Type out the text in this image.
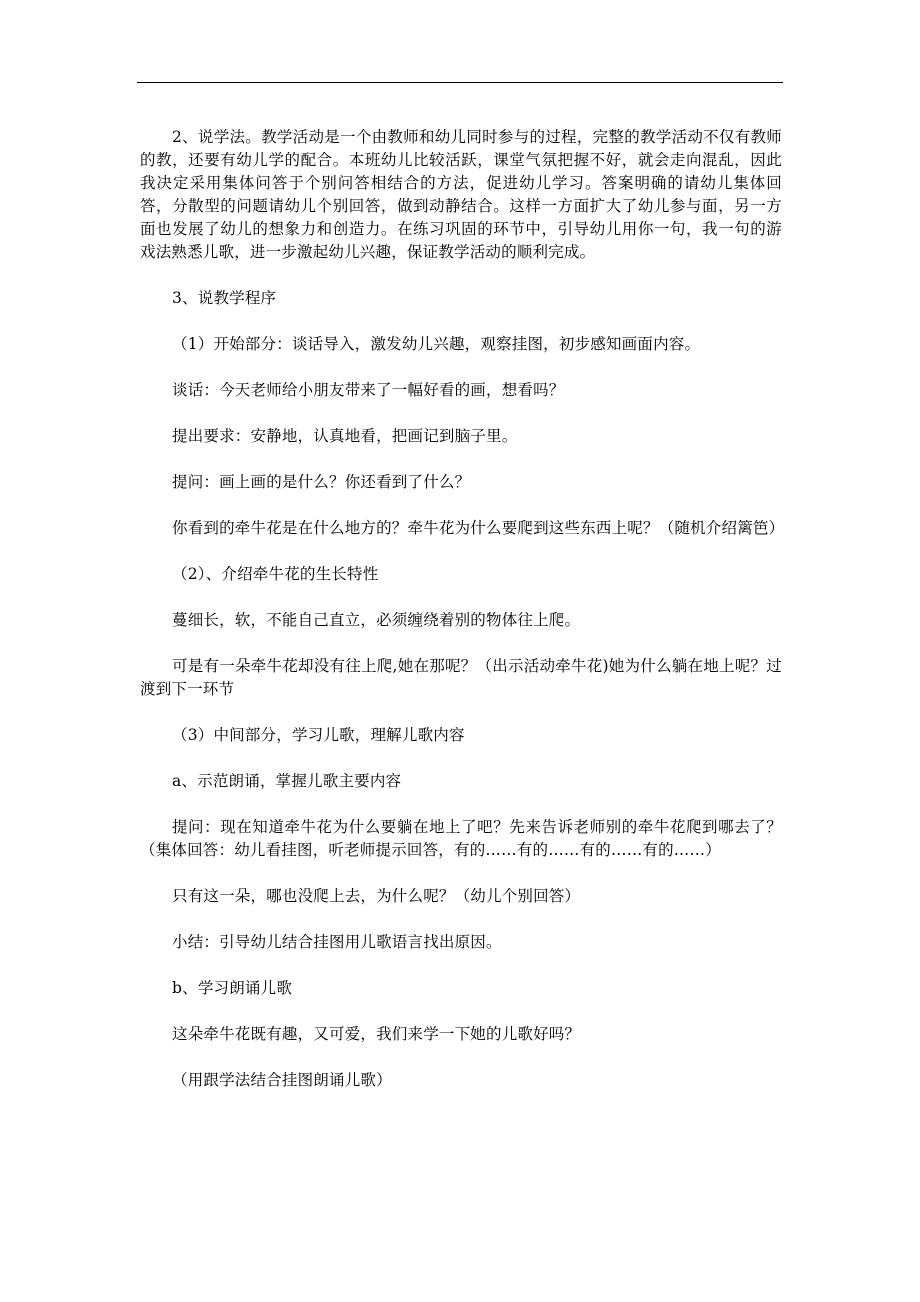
2、说学法。教学活动是一个由教师和幼儿同时参与的过程，完整的教学活动不仅有教师的教，还要有幼儿学的配合。本班幼儿比较活跃，课堂气氛把握不好，就会走向混乱，因此我决定采用集体问答于个别问答相结合的方法，促进幼儿学习。答案明确的请幼儿集体回答，分散型的问题请幼儿个别回答，做到动静结合。这样一方面扩大了幼儿参与面，另一方面也发展了幼儿的想象力和创造力。在练习巩固的环节中，引导幼儿用你一句，我一句的游戏法熟悉儿歌，进一步激起幼儿兴趣，保证教学活动的顺利完成。

3、说教学程序

（1）开始部分：谈话导入，激发幼儿兴趣，观察挂图，初步感知画面内容。

谈话：今天老师给小朋友带来了一幅好看的画，想看吗？

提出要求：安静地，认真地看，把画记到脑子里。

提问：画上画的是什么？你还看到了什么？

你看到的牵牛花是在什么地方的？牵牛花为什么要爬到这些东西上呢？（随机介绍篱笆）

（2）、介绍牵牛花的生长特性

蔓细长，软，不能自己直立，必须缠绕着别的物体往上爬。

可是有一朵牵牛花却没有往上爬,她在那呢？（出示活动牵牛花)她为什么躺在地上呢？过渡到下一环节

（3）中间部分，学习儿歌，理解儿歌内容

a、示范朗诵，掌握儿歌主要内容

提问：现在知道牵牛花为什么要躺在地上了吧？先来告诉老师别的牵牛花爬到哪去了？（集体回答：幼儿看挂图，听老师提示回答，有的……有的……有的……有的……）

只有这一朵，哪也没爬上去，为什么呢？（幼儿个别回答）

小结：引导幼儿结合挂图用儿歌语言找出原因。

b、学习朗诵儿歌

这朵牵牛花既有趣，又可爱，我们来学一下她的儿歌好吗？

（用跟学法结合挂图朗诵儿歌）
